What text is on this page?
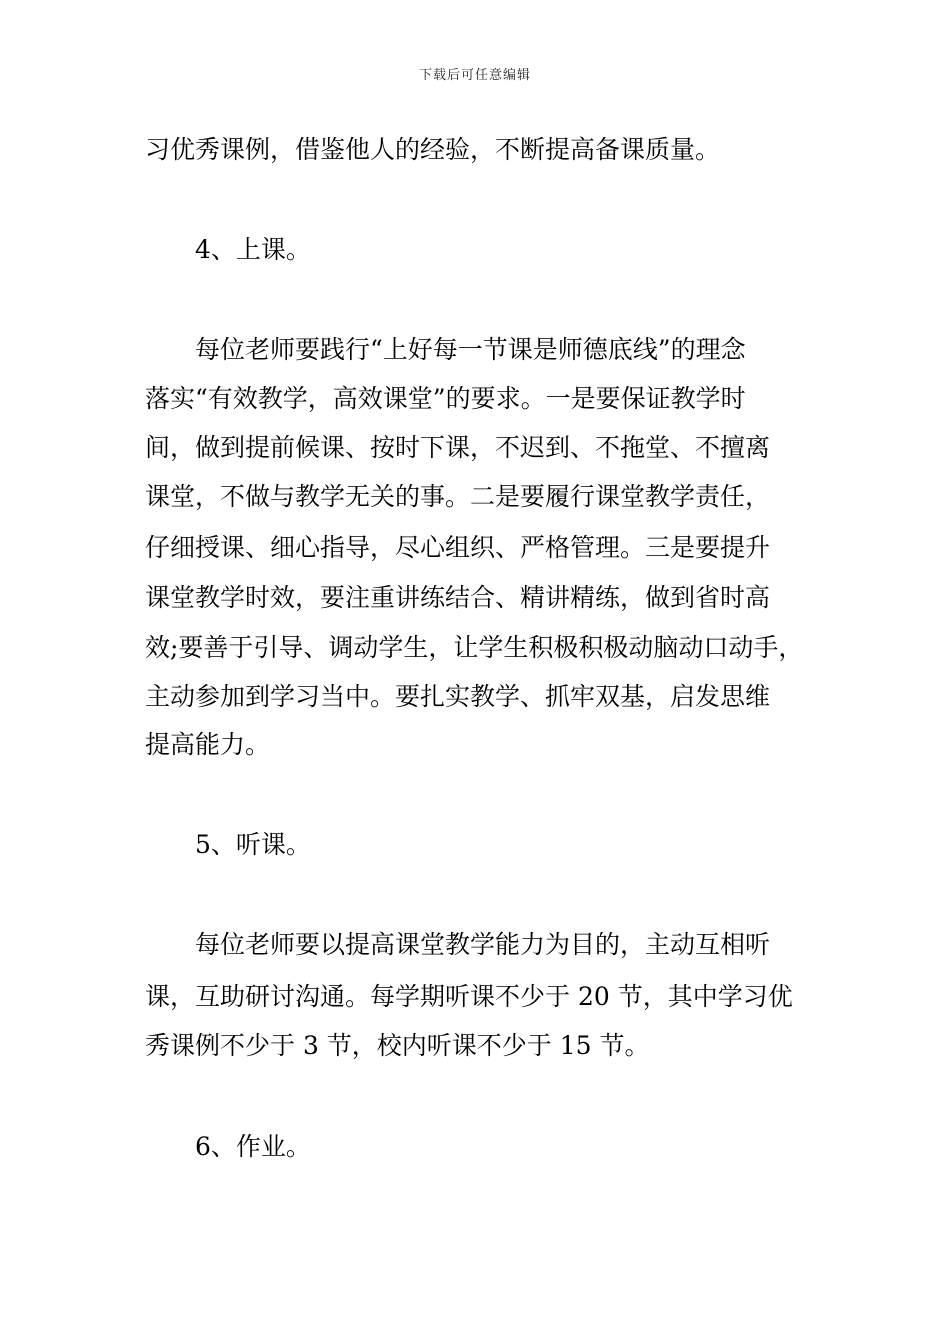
下载后可任意编辑
习优秀课例，借鉴他人的经验，不断提高备课质量。
4、上课。
每位老师要践行“上好每一节课是师德底线”的理念
落实“有效教学，高效课堂”的要求。一是要保证教学时
间，做到提前候课、按时下课，不迟到、不拖堂、不擅离
课堂，不做与教学无关的事。二是要履行课堂教学责任，
仔细授课、细心指导，尽心组织、严格管理。三是要提升
课堂教学时效，要注重讲练结合、精讲精练，做到省时高
效;要善于引导、调动学生，让学生积极积极动脑动口动手，
主动参加到学习当中。要扎实教学、抓牢双基，启发思维
提高能力。
5、听课。
每位老师要以提高课堂教学能力为目的，主动互相听
课，互助研讨沟通。每学期听课不少于 20 节，其中学习优
秀课例不少于 3 节，校内听课不少于 15 节。
6、作业。
